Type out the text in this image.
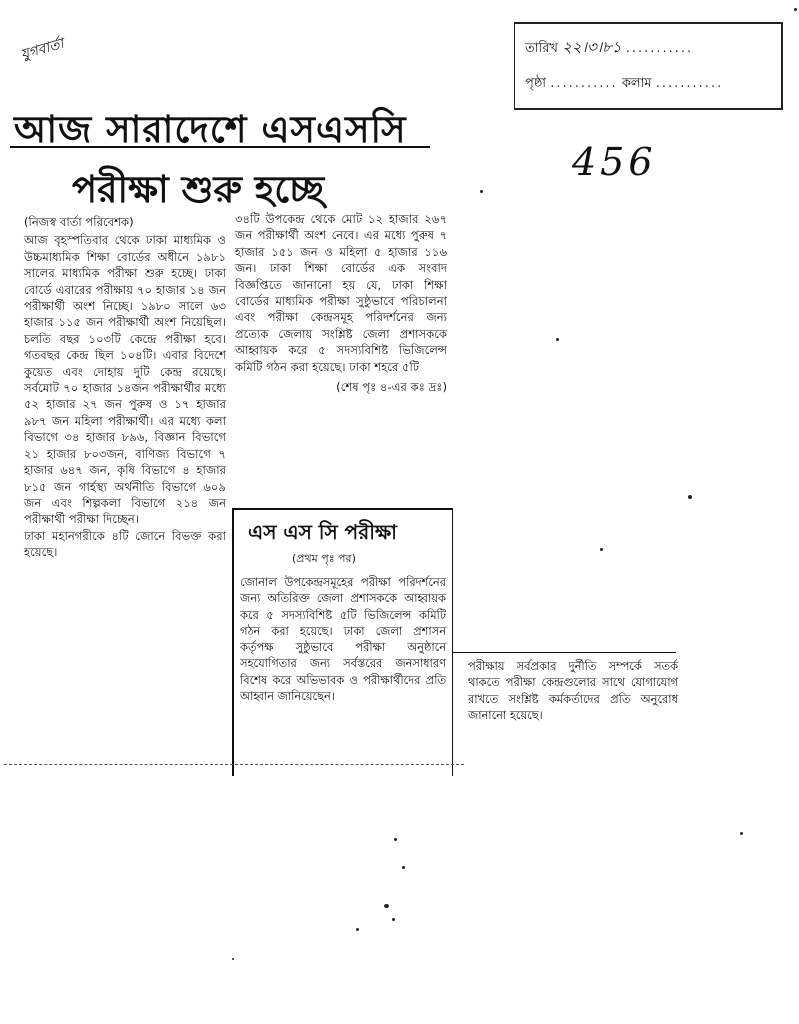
যুগবার্তা	তারিখ ২২।৩।৮১ ...........
পৃষ্ঠা ........... কলাম ...........
456
আজ সারাদেশে এসএসসি
পরীক্ষা শুরু হচ্ছে

(নিজস্ব বার্তা পরিবেশক)

আজ বৃহস্পতিবার থেকে ঢাকা মাধ্যমিক ও উচ্চমাধ্যমিক শিক্ষা বোর্ডের অধীনে ১৯৮১ সালের মাধ্যমিক পরীক্ষা শুরু হচ্ছে। ঢাকা বোর্ডে এবারের পরীক্ষায় ৭০ হাজার ১৪ জন পরীক্ষার্থী অংশ নিচ্ছে। ১৯৮০ সালে ৬৩ হাজার ১১৫ জন পরীক্ষার্থী অংশ নিয়েছিল। চলতি বছর ১০৩টি কেন্দ্রে পরীক্ষা হবে। গতবছর কেন্দ্র ছিল ১০৪টি। এবার বিদেশে কুয়েত এবং দোহায় দুটি কেন্দ্র রয়েছে। সর্বমোট ৭০ হাজার ১৪জন পরীক্ষার্থীর মধ্যে ৫২ হাজার ২৭ জন পুরুষ ও ১৭ হাজার ৯৮৭ জন মহিলা পরীক্ষার্থী। এর মধ্যে কলা বিভাগে ৩৪ হাজার ৮৯৬, বিজ্ঞান বিভাগে ২১ হাজার ৮০৩জন, বাণিজ্য বিভাগে ৭ হাজার ৬৪৭ জন, কৃষি বিভাগে ৪ হাজার ৮১৫ জন গার্হস্থ্য অর্থনীতি বিভাগে ৬০৯ জন এবং শিল্পকলা বিভাগে ২১৪ জন পরীক্ষার্থী পরীক্ষা দিচ্ছেন।

ঢাকা মহানগরীকে ৪টি জোনে বিভক্ত করা হয়েছে।

৩৪টি উপকেন্দ্র থেকে মোট ১২ হাজার ২৬৭ জন পরীক্ষার্থী অংশ নেবে। এর মধ্যে পুরুষ ৭ হাজার ১৫১ জন ও মহিলা ৫ হাজার ১১৬ জন। ঢাকা শিক্ষা বোর্ডের এক সংবাদ বিজ্ঞপ্তিতে জানানো হয় যে, ঢাকা শিক্ষা বোর্ডের মাধ্যমিক পরীক্ষা সুষ্ঠুভাবে পরিচালনা এবং পরীক্ষা কেন্দ্রসমূহ পরিদর্শনের জন্য প্রত্যেক জেলায় সংশ্লিষ্ট জেলা প্রশাসককে আহ্বায়ক করে ৫ সদস্যবিশিষ্ট ভিজিলেন্স কমিটি গঠন করা হয়েছে। ঢাকা শহরে ৫টি

(শেষ পৃঃ ৪-এর কঃ দ্রঃ)

এস এস সি পরীক্ষা
(প্রথম পৃঃ পর)
জোনাল উপকেন্দ্রসমূহের পরীক্ষা পরিদর্শনের জন্য অতিরিক্ত জেলা প্রশাসককে আহ্বায়ক করে ৫ সদস্যবিশিষ্ট ৫টি ভিজিলেন্স কমিটি গঠন করা হয়েছে। ঢাকা জেলা প্রশাসন কর্তৃপক্ষ সুষ্ঠুভাবে পরীক্ষা অনুষ্ঠানে সহযোগিতার জন্য সর্বস্তরের জনসাধারণ বিশেষ করে অভিভাবক ও পরীক্ষার্থীদের প্রতি আহ্বান জানিয়েছেন।

পরীক্ষায় সর্বপ্রকার দুর্নীতি সম্পর্কে সতর্ক থাকতে পরীক্ষা কেন্দ্রগুলোর সাথে যোগাযোগ রাখতে সংশ্লিষ্ট কর্মকর্তাদের প্রতি অনুরোধ জানানো হয়েছে।
